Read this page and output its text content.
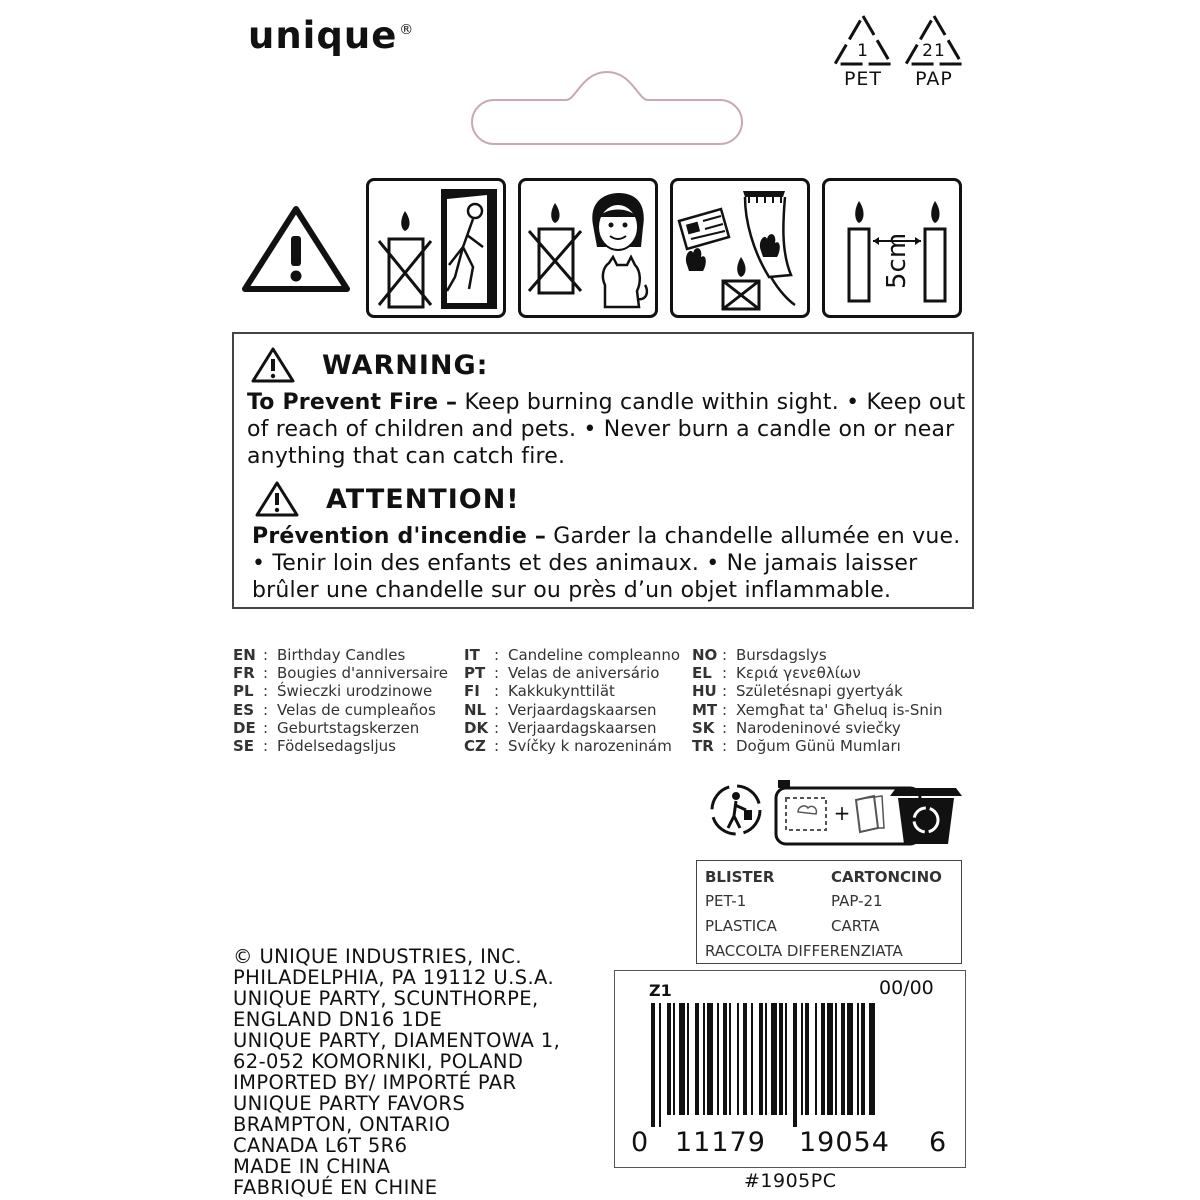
unique ®
1
PET
21
PAP
5cm
WARNING:
To Prevent Fire – Keep burning candle within sight. • Keep out
of reach of children and pets. • Never burn a candle on or near
anything that can catch fire.
ATTENTION!
Prévention d'incendie – Garder la chandelle allumée en vue.
• Tenir loin des enfants et des animaux. • Ne jamais laisser
brûler une chandelle sur ou près d’un objet inflammable.
EN : Birthday Candles
FR : Bougies d'anniversaire
PL : Świeczki urodzinowe
ES : Velas de cumpleaños
DE : Geburtstagskerzen
SE : Födelsedagsljus
IT : Candeline compleanno
PT : Velas de aniversário
FI : Kakkukynttilät
NL : Verjaardagskaarsen
DK : Verjaardagskaarsen
CZ : Svíčky k narozeninám
NO : Bursdagslys
EL : Κεριά γενεθλίων
HU : Születésnapi gyertyák
MT : Xemgħat ta' Għeluq is-Snin
SK : Narodeninové sviečky
TR : Doğum Günü Mumları
+
BLISTER	CARTONCINO
PET-1	PAP-21
PLASTICA	CARTA
RACCOLTA DIFFERENZIATA
© UNIQUE INDUSTRIES, INC.
PHILADELPHIA, PA 19112 U.S.A.
UNIQUE PARTY, SCUNTHORPE,
ENGLAND DN16 1DE
UNIQUE PARTY, DIAMENTOWA 1,
62-052 KOMORNIKI, POLAND
IMPORTED BY/ IMPORTÉ PAR
UNIQUE PARTY FAVORS
BRAMPTON, ONTARIO
CANADA L6T 5R6
MADE IN CHINA
FABRIQUÉ EN CHINE
Z1	00/00
0 11179 19054 6
#1905PC
